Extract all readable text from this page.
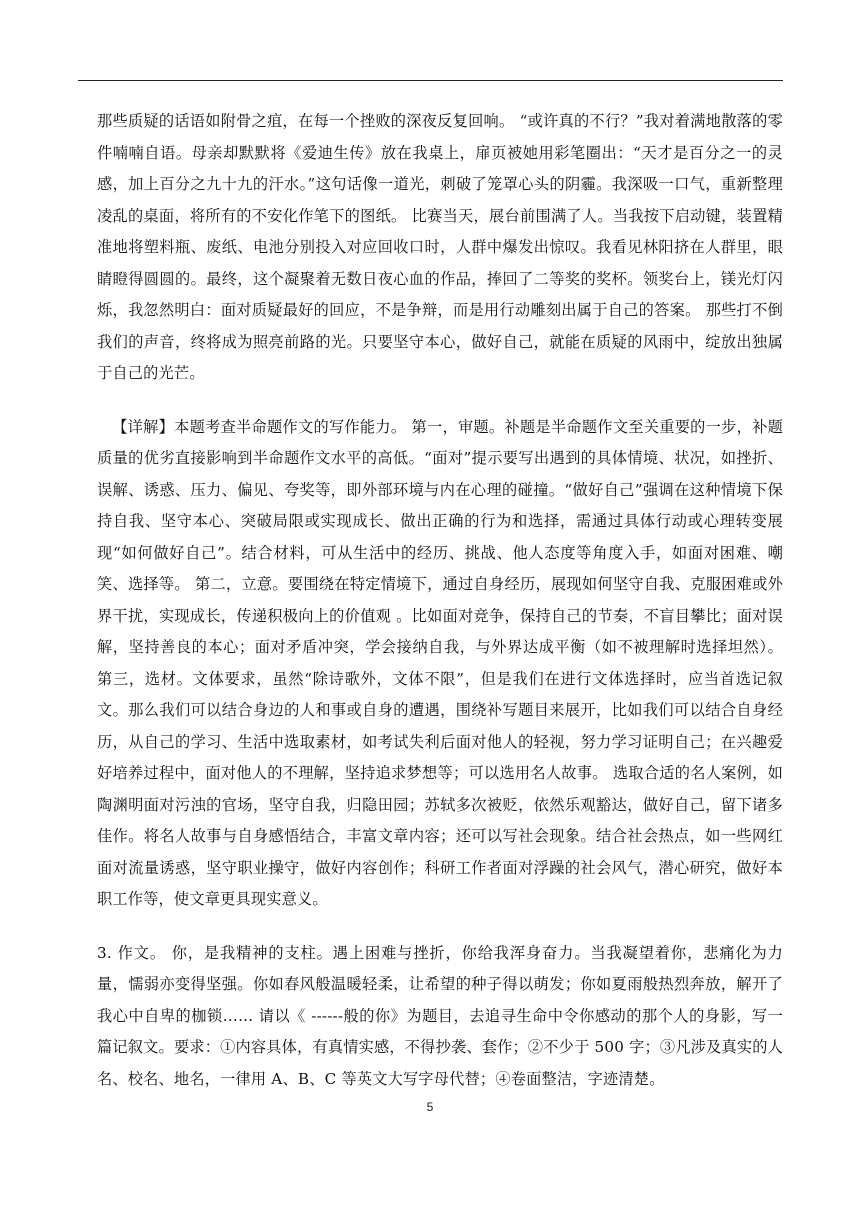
那些质疑的话语如附骨之疽，在每一个挫败的深夜反复回响。 “或许真的不行？”我对着满地散落的零件喃喃自语。母亲却默默将《爱迪生传》放在我桌上，扉页被她用彩笔圈出：“天才是百分之一的灵感，加上百分之九十九的汗水。”这句话像一道光，刺破了笼罩心头的阴霾。我深吸一口气，重新整理凌乱的桌面，将所有的不安化作笔下的图纸。 比赛当天，展台前围满了人。当我按下启动键，装置精准地将塑料瓶、废纸、电池分别投入对应回收口时，人群中爆发出惊叹。我看见林阳挤在人群里，眼睛瞪得圆圆的。最终，这个凝聚着无数日夜心血的作品，捧回了二等奖的奖杯。领奖台上，镁光灯闪烁，我忽然明白：面对质疑最好的回应，不是争辩，而是用行动雕刻出属于自己的答案。 那些打不倒我们的声音，终将成为照亮前路的光。只要坚守本心，做好自己，就能在质疑的风雨中，绽放出独属于自己的光芒。

【详解】本题考查半命题作文的写作能力。 第一，审题。补题是半命题作文至关重要的一步，补题质量的优劣直接影响到半命题作文水平的高低。“面对”提示要写出遇到的具体情境、状况，如挫折、误解、诱惑、压力、偏见、夸奖等，即外部环境与内在心理的碰撞。“做好自己”强调在这种情境下保持自我、坚守本心、突破局限或实现成长、做出正确的行为和选择，需通过具体行动或心理转变展现“如何做好自己”。结合材料，可从生活中的经历、挑战、他人态度等角度入手，如面对困难、嘲笑、选择等。 第二，立意。要围绕在特定情境下，通过自身经历，展现如何坚守自我、克服困难或外界干扰，实现成长，传递积极向上的价值观 。比如面对竞争，保持自己的节奏，不盲目攀比；面对误解，坚持善良的本心；面对矛盾冲突，学会接纳自我，与外界达成平衡（如不被理解时选择坦然）。 第三，选材。文体要求，虽然“除诗歌外，文体不限”，但是我们在进行文体选择时，应当首选记叙文。那么我们可以结合身边的人和事或自身的遭遇，围绕补写题目来展开，比如我们可以结合自身经历，从自己的学习、生活中选取素材，如考试失利后面对他人的轻视，努力学习证明自己；在兴趣爱好培养过程中，面对他人的不理解，坚持追求梦想等；可以选用名人故事。 选取合适的名人案例，如陶渊明面对污浊的官场，坚守自我，归隐田园；苏轼多次被贬，依然乐观豁达，做好自己，留下诸多佳作。将名人故事与自身感悟结合，丰富文章内容；还可以写社会现象。结合社会热点，如一些网红面对流量诱惑，坚守职业操守，做好内容创作；科研工作者面对浮躁的社会风气，潜心研究，做好本职工作等，使文章更具现实意义。

3. 作文。 你，是我精神的支柱。遇上困难与挫折，你给我浑身奋力。当我凝望着你，悲痛化为力量，懦弱亦变得坚强。你如春风般温暖轻柔，让希望的种子得以萌发；你如夏雨般热烈奔放，解开了我心中自卑的枷锁…… 请以《 ------般的你》为题目，去追寻生命中令你感动的那个人的身影，写一篇记叙文。要求：①内容具体，有真情实感，不得抄袭、套作；②不少于 500 字；③凡涉及真实的人名、校名、地名，一律用 A、B、C 等英文大写字母代替；④卷面整洁，字迹清楚。

5
